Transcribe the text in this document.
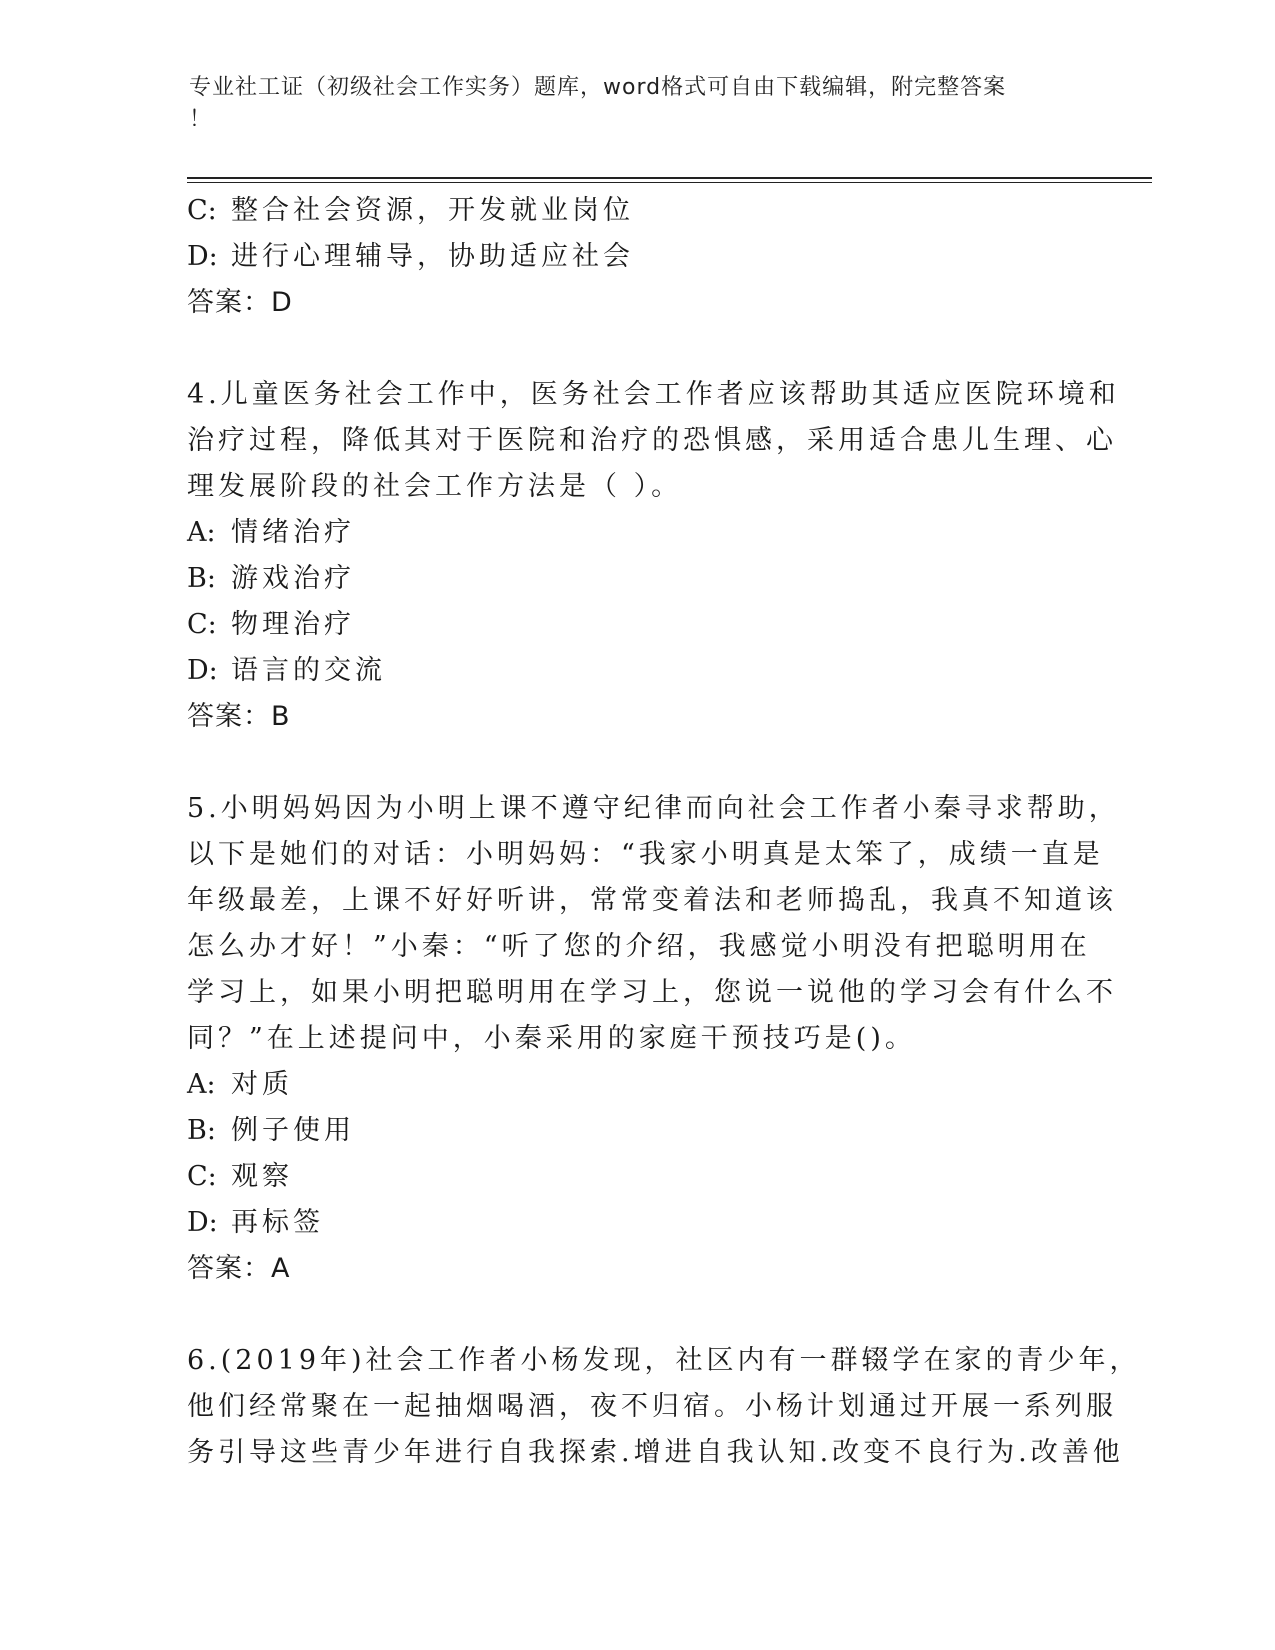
专业社工证（初级社会工作实务）题库，word格式可自由下载编辑，附完整答案
！
C: 整合社会资源，开发就业岗位
D: 进行心理辅导，协助适应社会
答案：D
4.儿童医务社会工作中，医务社会工作者应该帮助其适应医院环境和
治疗过程，降低其对于医院和治疗的恐惧感，采用适合患儿生理、心
理发展阶段的社会工作方法是（ ）。
A: 情绪治疗
B: 游戏治疗
C: 物理治疗
D: 语言的交流
答案：B
5.小明妈妈因为小明上课不遵守纪律而向社会工作者小秦寻求帮助，
以下是她们的对话：小明妈妈：“我家小明真是太笨了，成绩一直是
年级最差，上课不好好听讲，常常变着法和老师捣乱，我真不知道该
怎么办才好！”小秦：“听了您的介绍，我感觉小明没有把聪明用在
学习上，如果小明把聪明用在学习上，您说一说他的学习会有什么不
同？”在上述提问中，小秦采用的家庭干预技巧是()。
A: 对质
B: 例子使用
C: 观察
D: 再标签
答案：A
6.(2019年)社会工作者小杨发现，社区内有一群辍学在家的青少年，
他们经常聚在一起抽烟喝酒，夜不归宿。小杨计划通过开展一系列服
务引导这些青少年进行自我探索.增进自我认知.改变不良行为.改善他
